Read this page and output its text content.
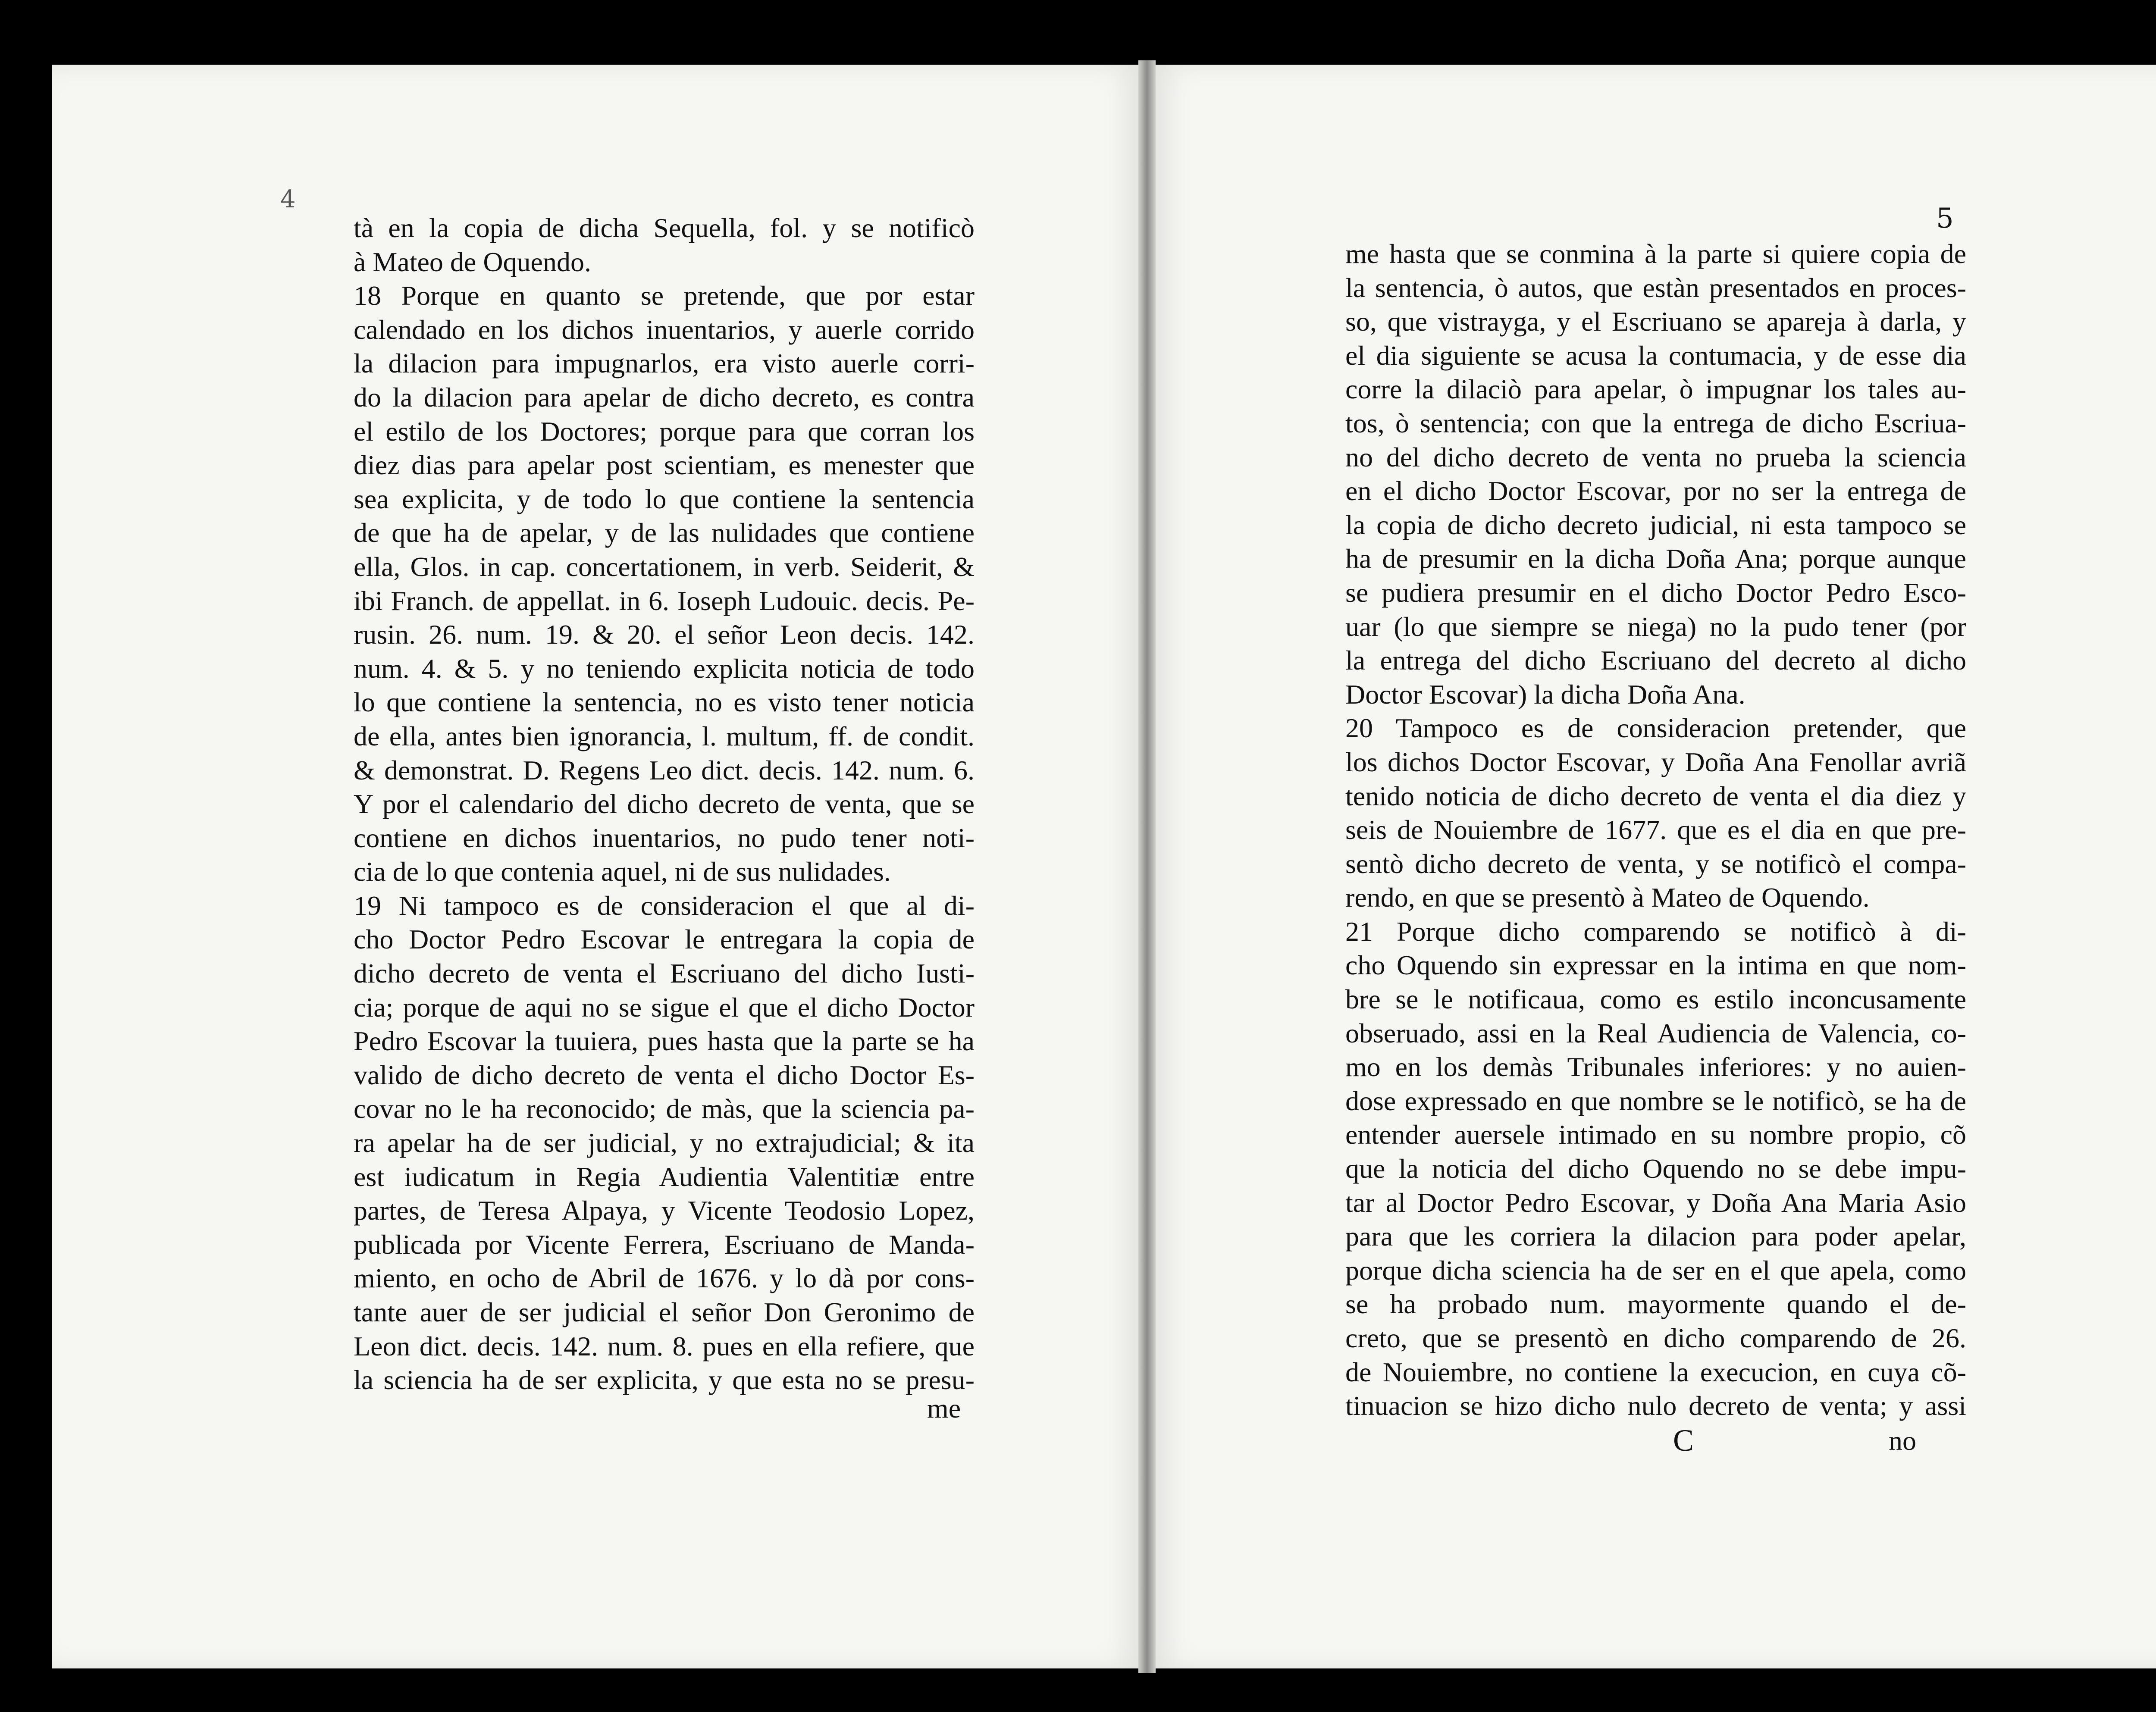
4
5
tà en la copia de dicha Sequella, fol. y se notificò
à Mateo de Oquendo.
18 Porque en quanto se pretende, que por estar
calendado en los dichos inuentarios, y auerle corrido
la dilacion para impugnarlos, era visto auerle corri-
do la dilacion para apelar de dicho decreto, es contra
el estilo de los Doctores; porque para que corran los
diez dias para apelar post scientiam, es menester que
sea explicita, y de todo lo que contiene la sentencia
de que ha de apelar, y de las nulidades que contiene
ella, Glos. in cap. concertationem, in verb. Seiderit, &
ibi Franch. de appellat. in 6. Ioseph Ludouic. decis. Pe-
rusin. 26. num. 19. & 20. el señor Leon decis. 142.
num. 4. & 5. y no teniendo explicita noticia de todo
lo que contiene la sentencia, no es visto tener noticia
de ella, antes bien ignorancia, l. multum, ff. de condit.
& demonstrat. D. Regens Leo dict. decis. 142. num. 6.
Y por el calendario del dicho decreto de venta, que se
contiene en dichos inuentarios, no pudo tener noti-
cia de lo que contenia aquel, ni de sus nulidades.
19 Ni tampoco es de consideracion el que al di-
cho Doctor Pedro Escovar le entregara la copia de
dicho decreto de venta el Escriuano del dicho Iusti-
cia; porque de aqui no se sigue el que el dicho Doctor
Pedro Escovar la tuuiera, pues hasta que la parte se ha
valido de dicho decreto de venta el dicho Doctor Es-
covar no le ha reconocido; de màs, que la sciencia pa-
ra apelar ha de ser judicial, y no extrajudicial; & ita
est iudicatum in Regia Audientia Valentitiæ entre
partes, de Teresa Alpaya, y Vicente Teodosio Lopez,
publicada por Vicente Ferrera, Escriuano de Manda-
miento, en ocho de Abril de 1676. y lo dà por cons-
tante auer de ser judicial el señor Don Geronimo de
Leon dict. decis. 142. num. 8. pues en ella refiere, que
la sciencia ha de ser explicita, y que esta no se presu-
me hasta que se conmina à la parte si quiere copia de
la sentencia, ò autos, que estàn presentados en proces-
so, que vistrayga, y el Escriuano se apareja à darla, y
el dia siguiente se acusa la contumacia, y de esse dia
corre la dilaciò para apelar, ò impugnar los tales au-
tos, ò sentencia; con que la entrega de dicho Escriua-
no del dicho decreto de venta no prueba la sciencia
en el dicho Doctor Escovar, por no ser la entrega de
la copia de dicho decreto judicial, ni esta tampoco se
ha de presumir en la dicha Doña Ana; porque aunque
se pudiera presumir en el dicho Doctor Pedro Esco-
uar (lo que siempre se niega) no la pudo tener (por
la entrega del dicho Escriuano del decreto al dicho
Doctor Escovar) la dicha Doña Ana.
20 Tampoco es de consideracion pretender, que
los dichos Doctor Escovar, y Doña Ana Fenollar avriã
tenido noticia de dicho decreto de venta el dia diez y
seis de Nouiembre de 1677. que es el dia en que pre-
sentò dicho decreto de venta, y se notificò el compa-
rendo, en que se presentò à Mateo de Oquendo.
21 Porque dicho comparendo se notificò à di-
cho Oquendo sin expressar en la intima en que nom-
bre se le notificaua, como es estilo inconcusamente
obseruado, assi en la Real Audiencia de Valencia, co-
mo en los demàs Tribunales inferiores: y no auien-
dose expressado en que nombre se le notificò, se ha de
entender auersele intimado en su nombre propio, cõ
que la noticia del dicho Oquendo no se debe impu-
tar al Doctor Pedro Escovar, y Doña Ana Maria Asio
para que les corriera la dilacion para poder apelar,
porque dicha sciencia ha de ser en el que apela, como
se ha probado num. mayormente quando el de-
creto, que se presentò en dicho comparendo de 26.
de Nouiembre, no contiene la execucion, en cuya cõ-
tinuacion se hizo dicho nulo decreto de venta; y assi
me
C	no
